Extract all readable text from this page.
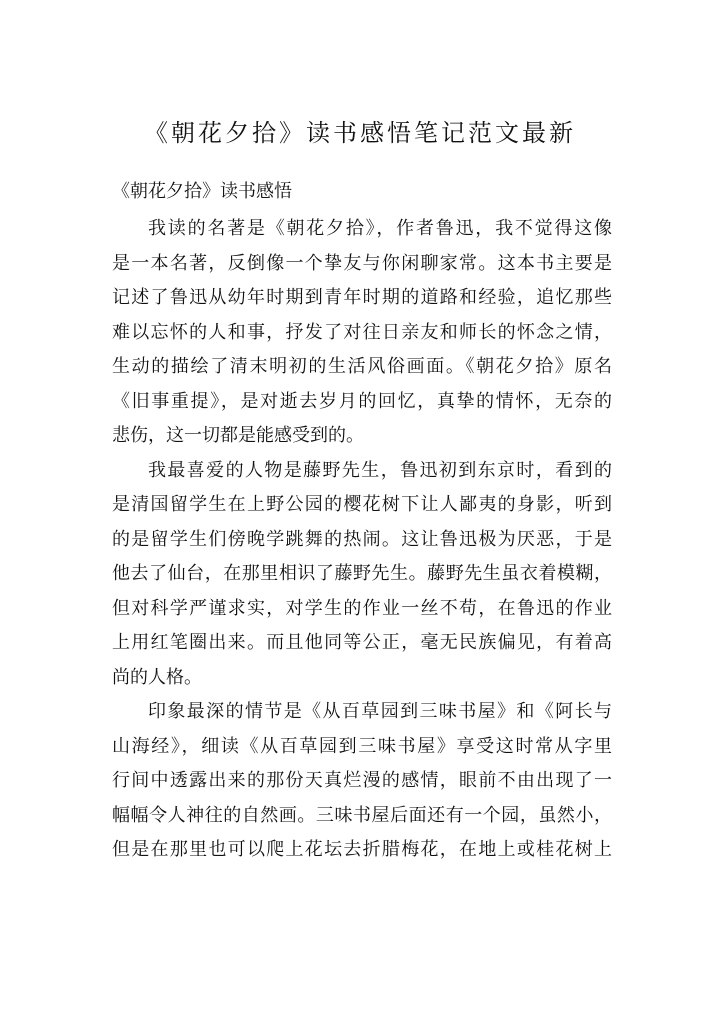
《朝花夕拾》读书感悟笔记范文最新

《朝花夕拾》读书感悟

我读的名著是《朝花夕拾》，作者鲁迅，我不觉得这像
是一本名著，反倒像一个挚友与你闲聊家常。这本书主要是
记述了鲁迅从幼年时期到青年时期的道路和经验，追忆那些
难以忘怀的人和事，抒发了对往日亲友和师长的怀念之情，
生动的描绘了清末明初的生活风俗画面。《朝花夕拾》原名
《旧事重提》，是对逝去岁月的回忆，真挚的情怀，无奈的
悲伤，这一切都是能感受到的。

我最喜爱的人物是藤野先生，鲁迅初到东京时，看到的
是清国留学生在上野公园的樱花树下让人鄙夷的身影，听到
的是留学生们傍晚学跳舞的热闹。这让鲁迅极为厌恶，于是
他去了仙台，在那里相识了藤野先生。藤野先生虽衣着模糊，
但对科学严谨求实，对学生的作业一丝不苟，在鲁迅的作业
上用红笔圈出来。而且他同等公正，毫无民族偏见，有着高
尚的人格。

印象最深的情节是《从百草园到三味书屋》和《阿长与
山海经》，细读《从百草园到三味书屋》享受这时常从字里
行间中透露出来的那份天真烂漫的感情，眼前不由出现了一
幅幅令人神往的自然画。三味书屋后面还有一个园，虽然小，
但是在那里也可以爬上花坛去折腊梅花，在地上或桂花树上
